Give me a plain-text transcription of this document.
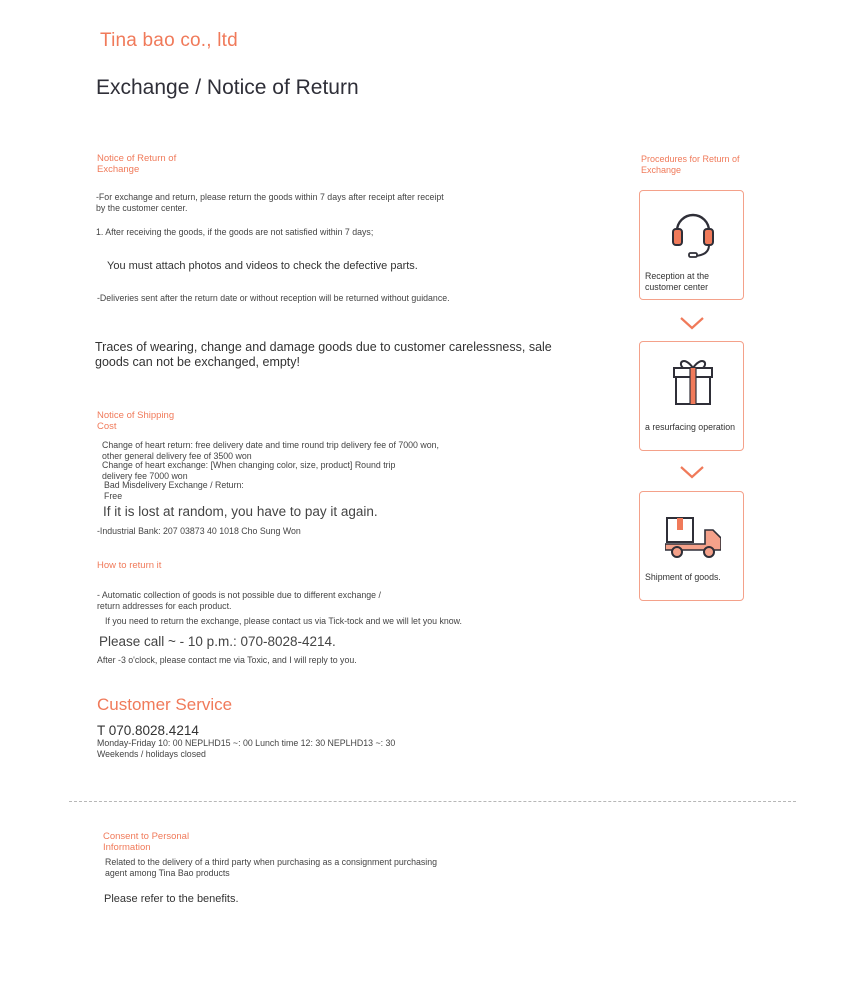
Tina bao co., ltd
Exchange / Notice of Return
Notice of Return of Exchange
-For exchange and return, please return the goods within 7 days after receipt after receipt
by the customer center.
1. After receiving the goods, if the goods are not satisfied within 7 days;
You must attach photos and videos to check the defective parts.
-Deliveries sent after the return date or without reception will be returned without guidance.
Traces of wearing, change and damage goods due to customer carelessness, sale
goods can not be exchanged, empty!
Notice of Shipping Cost
Change of heart return: free delivery date and time round trip delivery fee of 7000 won,
other general delivery fee of 3500 won
Change of heart exchange: [When changing color, size, product] Round trip
delivery fee 7000 won
Bad Misdelivery Exchange / Return:
Free
If it is lost at random, you have to pay it again.
-Industrial Bank: 207 03873 40 1018 Cho Sung Won
How to return it
- Automatic collection of goods is not possible due to different exchange /
return addresses for each product.
If you need to return the exchange, please contact us via Tick-tock and we will let you know.
Please call ~ - 10 p.m.: 070-8028-4214.
After -3 o'clock, please contact me via Toxic, and I will reply to you.
Customer Service
T 070.8028.4214
Monday-Friday 10: 00 NEPLHD15 ~: 00 Lunch time 12: 30 NEPLHD13 ~: 30
Weekends / holidays closed
Procedures for Return of Exchange
Reception at the customer center
a resurfacing operation
Shipment of goods.
Consent to Personal Information
Related to the delivery of a third party when purchasing as a consignment purchasing
agent among Tina Bao products
Please refer to the benefits.
